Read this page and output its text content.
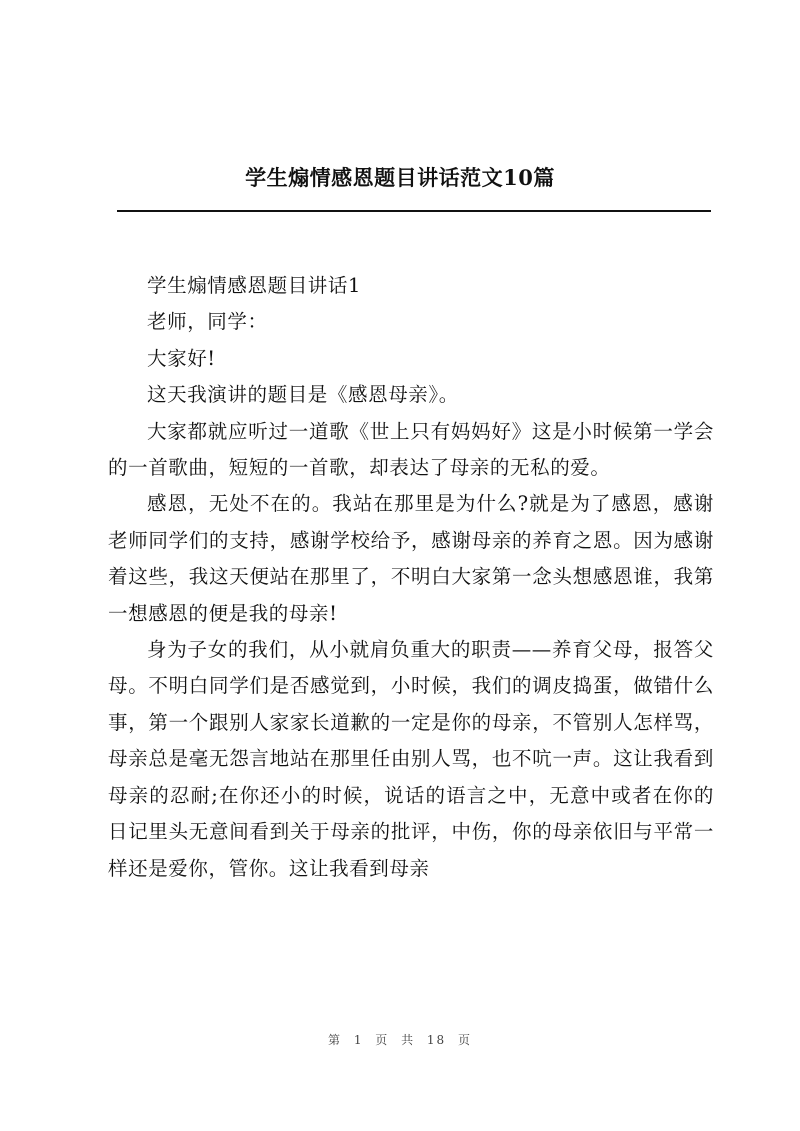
学生煽情感恩题目讲话范文10篇

学生煽情感恩题目讲话1

老师，同学：

大家好!

这天我演讲的题目是《感恩母亲》。

大家都就应听过一道歌《世上只有妈妈好》这是小时候第一学会的一首歌曲，短短的一首歌，却表达了母亲的无私的爱。

感恩，无处不在的。我站在那里是为什么?就是为了感恩，感谢老师同学们的支持，感谢学校给予，感谢母亲的养育之恩。因为感谢着这些，我这天便站在那里了，不明白大家第一念头想感恩谁，我第一想感恩的便是我的母亲!

身为子女的我们，从小就肩负重大的职责——养育父母，报答父母。不明白同学们是否感觉到，小时候，我们的调皮捣蛋，做错什么事，第一个跟别人家家长道歉的一定是你的母亲，不管别人怎样骂，母亲总是毫无怨言地站在那里任由别人骂，也不吭一声。这让我看到母亲的忍耐;在你还小的时候，说话的语言之中，无意中或者在你的日记里头无意间看到关于母亲的批评，中伤，你的母亲依旧与平常一样还是爱你，管你。这让我看到母亲

第 1 页 共 18 页
